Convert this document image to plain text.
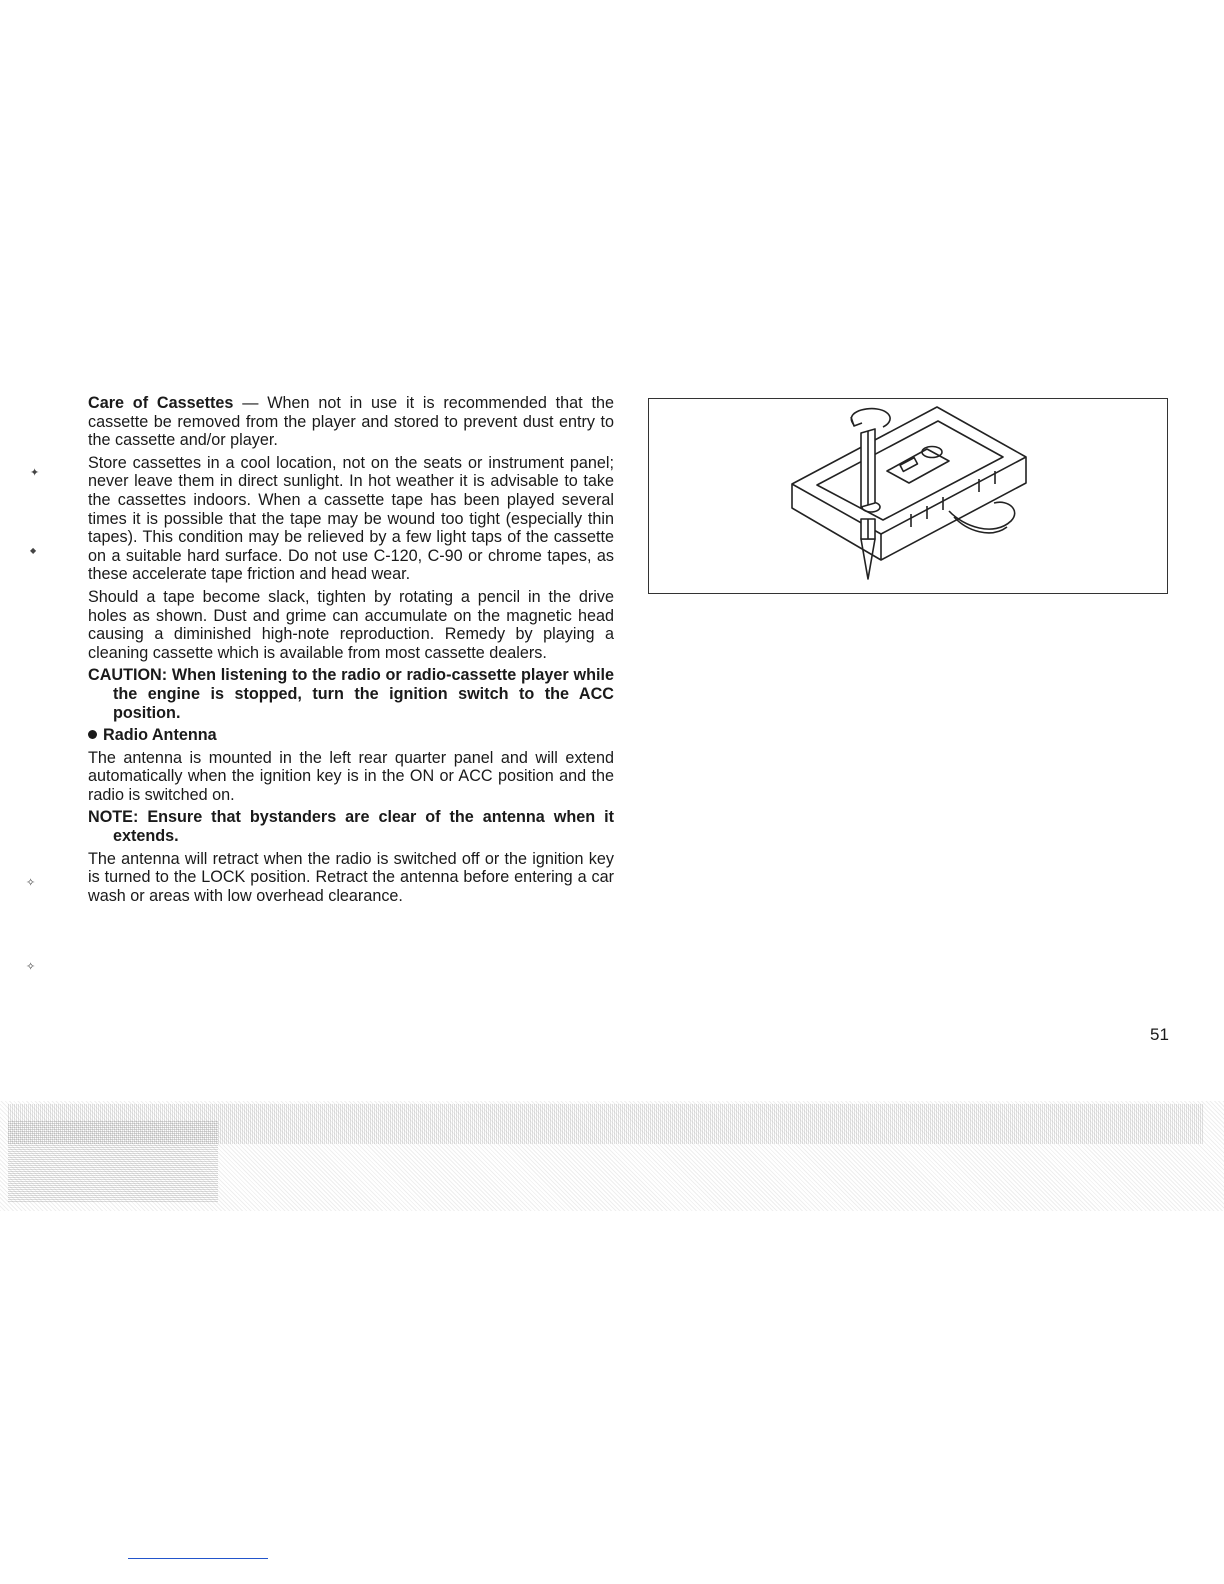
Care of Cassettes — When not in use it is recommended that the cassette be removed from the player and stored to prevent dust entry to the cassette and/or player.

Store cassettes in a cool location, not on the seats or instrument panel; never leave them in direct sunlight. In hot weather it is advisable to take the cassettes indoors. When a cassette tape has been played several times it is possible that the tape may be wound too tight (especially thin tapes). This condition may be relieved by a few light taps of the cassette on a suitable hard surface. Do not use C-120, C-90 or chrome tapes, as these accelerate tape friction and head wear.

Should a tape become slack, tighten by rotating a pencil in the drive holes as shown. Dust and grime can accumulate on the magnetic head causing a diminished high-note reproduction. Remedy by playing a cleaning cassette which is available from most cassette dealers.

CAUTION: When listening to the radio or radio-cassette player while the engine is stopped, turn the ignition switch to the ACC position.

Radio Antenna

The antenna is mounted in the left rear quarter panel and will extend automatically when the ignition key is in the ON or ACC position and the radio is switched on.

NOTE: Ensure that bystanders are clear of the antenna when it extends.

The antenna will retract when the radio is switched off or the ignition key is turned to the LOCK position. Retract the antenna before entering a car wash or areas with low overhead clearance.

51
✦
◆
✧
✧
